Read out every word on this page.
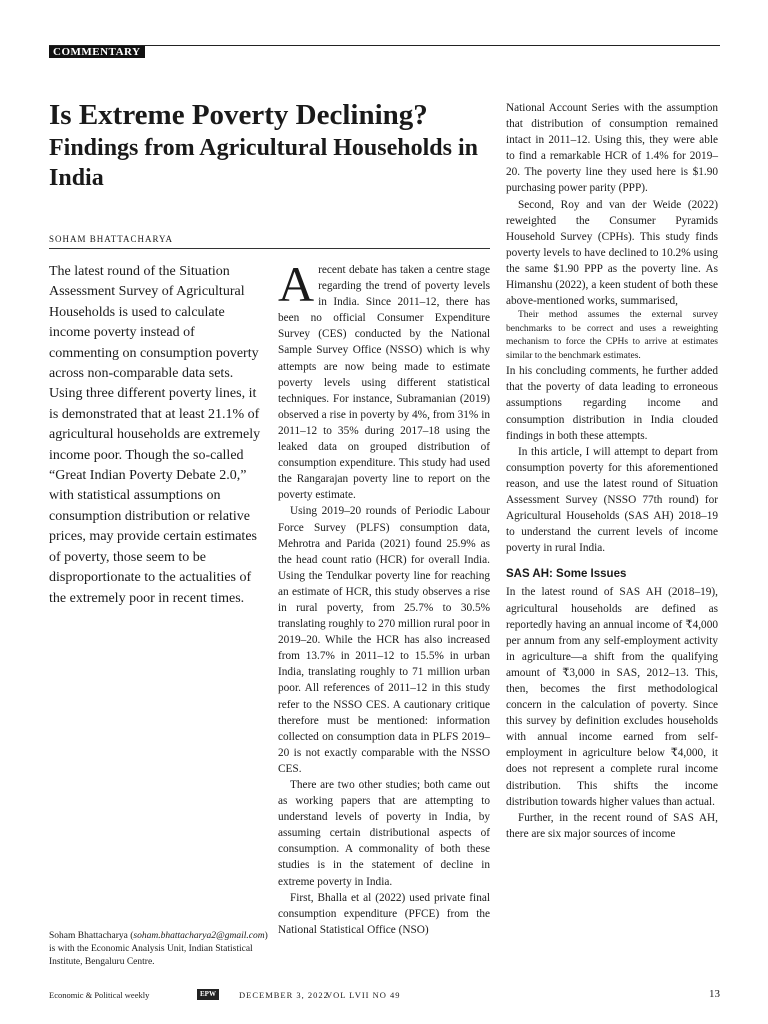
COMMENTARY
Is Extreme Poverty Declining?
Findings from Agricultural Households in India
SOHAM BHATTACHARYA

The latest round of the Situation Assessment Survey of Agricultural Households is used to calculate income poverty instead of commenting on consumption poverty across non-comparable data sets. Using three different poverty lines, it is demonstrated that at least 21.1% of agricultural households are extremely income poor. Though the so-called “Great Indian Poverty Debate 2.0,” with statistical assumptions on consumption distribution or relative prices, may provide certain estimates of poverty, those seem to be disproportionate to the actualities of the extremely poor in recent times.

Soham Bhattacharya (soham.bhattacharya2@gmail.com) is with the Economic Analysis Unit, Indian Statistical Institute, Bengaluru Centre.

A recent debate has taken a centre stage regarding the trend of poverty levels in India. Since 2011–12, there has been no official Consumer Expenditure Survey (CES) conducted by the National Sample Survey Office (NSSO) which is why attempts are now being made to estimate poverty levels using different statistical techniques. For instance, Subramanian (2019) observed a rise in poverty by 4%, from 31% in 2011–12 to 35% during 2017–18 using the leaked data on grouped distribution of consumption expenditure. This study had used the Rangarajan poverty line to report on the poverty estimate.

Using 2019–20 rounds of Periodic Labour Force Survey (PLFS) consumption data, Mehrotra and Parida (2021) found 25.9% as the head count ratio (HCR) for overall India. Using the Tendulkar poverty line for reaching an estimate of HCR, this study observes a rise in rural poverty, from 25.7% to 30.5% translating roughly to 270 million rural poor in 2019–20. While the HCR has also increased from 13.7% in 2011–12 to 15.5% in urban India, translating roughly to 71 million urban poor. All references of 2011–12 in this study refer to the NSSO CES. A cautionary critique therefore must be mentioned: information collected on consumption data in PLFS 2019–20 is not exactly comparable with the NSSO CES.

There are two other studies; both came out as working papers that are attempting to understand levels of poverty in India, by assuming certain distributional aspects of consumption. A commonality of both these studies is in the statement of decline in extreme poverty in India.

First, Bhalla et al (2022) used private final consumption expenditure (PFCE) from the National Statistical Office (NSO)

National Account Series with the assumption that distribution of consumption remained intact in 2011–12. Using this, they were able to find a remarkable HCR of 1.4% for 2019–20. The poverty line they used here is $1.90 purchasing power parity (PPP).

Second, Roy and van der Weide (2022) reweighted the Consumer Pyramids Household Survey (CPHs). This study finds poverty levels to have declined to 10.2% using the same $1.90 PPP as the poverty line. As Himanshu (2022), a keen student of both these above-mentioned works, summarised,

Their method assumes the external survey benchmarks to be correct and uses a reweighting mechanism to force the CPHs to arrive at estimates similar to the benchmark estimates.

In his concluding comments, he further added that the poverty of data leading to erroneous assumptions regarding income and consumption distribution in India clouded findings in both these attempts.

In this article, I will attempt to depart from consumption poverty for this aforementioned reason, and use the latest round of Situation Assessment Survey (NSSO 77th round) for Agricultural Households (SAS AH) 2018–19 to understand the current levels of income poverty in rural India.

SAS AH: Some Issues

In the latest round of SAS AH (2018–19), agricultural households are defined as reportedly having an annual income of ₹4,000 per annum from any self-employment activity in agriculture—a shift from the qualifying amount of ₹3,000 in SAS, 2012–13. This, then, becomes the first methodological concern in the calculation of poverty. Since this survey by definition excludes households with annual income earned from self-employment in agriculture below ₹4,000, it does not represent a complete rural income distribution. This shifts the income distribution towards higher values than actual.

Further, in the recent round of SAS AH, there are six major sources of income

Economic & Political weekly	EPW	DECEMBER 3, 2022
VOL LVII NO 49	13
